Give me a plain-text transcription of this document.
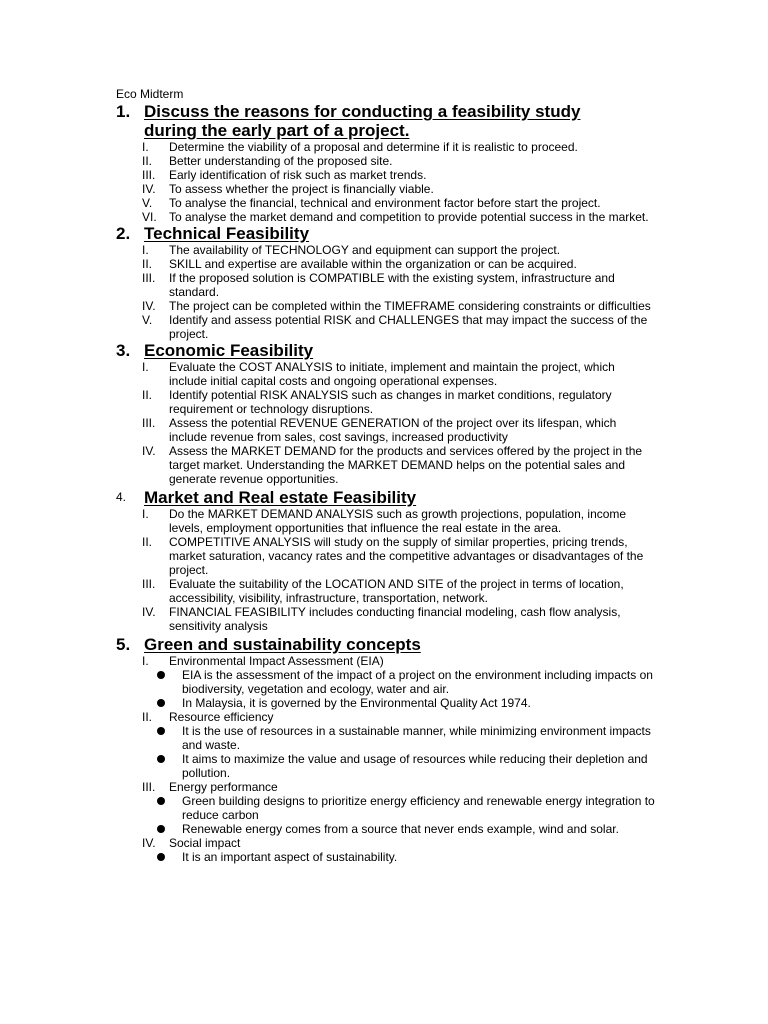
Eco Midterm
1. Discuss the reasons for conducting a feasibility study
during the early part of a project.
I.	Determine the viability of a proposal and determine if it is realistic to proceed.
II.	Better understanding of the proposed site.
III.	Early identification of risk such as market trends.
IV.	To assess whether the project is financially viable.
V.	To analyse the financial, technical and environment factor before start the project.
VI.	To analyse the market demand and competition to provide potential success in the market.
2. Technical Feasibility
I.	The availability of TECHNOLOGY and equipment can support the project.
II.	SKILL and expertise are available within the organization or can be acquired.
III.	If the proposed solution is COMPATIBLE with the existing system, infrastructure and standard.
IV.	The project can be completed within the TIMEFRAME considering constraints or difficulties
V.	Identify and assess potential RISK and CHALLENGES that may impact the success of the project.
3. Economic Feasibility
I.	Evaluate the COST ANALYSIS to initiate, implement and maintain the project, which include initial capital costs and ongoing operational expenses.
II.	Identify potential RISK ANALYSIS such as changes in market conditions, regulatory requirement or technology disruptions.
III.	Assess the potential REVENUE GENERATION of the project over its lifespan, which include revenue from sales, cost savings, increased productivity
IV.	Assess the MARKET DEMAND for the products and services offered by the project in the target market. Understanding the MARKET DEMAND helps on the potential sales and generate revenue opportunities.
4.	Market and Real estate Feasibility
I.	Do the MARKET DEMAND ANALYSIS such as growth projections, population, income levels, employment opportunities that influence the real estate in the area.
II.	COMPETITIVE ANALYSIS will study on the supply of similar properties, pricing trends, market saturation, vacancy rates and the competitive advantages or disadvantages of the project.
III.	Evaluate the suitability of the LOCATION AND SITE of the project in terms of location, accessibility, visibility, infrastructure, transportation, network.
IV.	FINANCIAL FEASIBILITY includes conducting financial modeling, cash flow analysis, sensitivity analysis
5. Green and sustainability concepts
I.	Environmental Impact Assessment (EIA)
EIA is the assessment of the impact of a project on the environment including impacts on biodiversity, vegetation and ecology, water and air.
In Malaysia, it is governed by the Environmental Quality Act 1974.
II.	Resource efficiency
It is the use of resources in a sustainable manner, while minimizing environment impacts and waste.
It aims to maximize the value and usage of resources while reducing their depletion and pollution.
III.	Energy performance
Green building designs to prioritize energy efficiency and renewable energy integration to reduce carbon
Renewable energy comes from a source that never ends example, wind and solar.
IV.	Social impact
It is an important aspect of sustainability.
